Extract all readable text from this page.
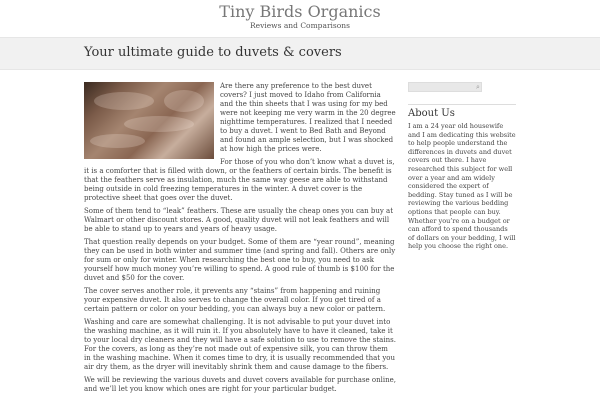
Tiny Birds Organics
Reviews and Comparisons
Your ultimate guide to duvets & covers

Are there any preference to the best duvet covers? I just moved to Idaho from California and the thin sheets that I was using for my bed were not keeping me very warm in the 20 degree nighttime temperatures. I realized that I needed to buy a duvet. I went to Bed Bath and Beyond and found an ample selection, but I was shocked at how high the prices were.

For those of you who don’t know what a duvet is, it is a comforter that is filled with down, or the feathers of certain birds. The benefit is that the feathers serve as insulation, much the same way geese are able to withstand being outside in cold freezing temperatures in the winter. A duvet cover is the protective sheet that goes over the duvet.

Some of them tend to “leak” feathers. These are usually the cheap ones you can buy at Walmart or other discount stores. A good, quality duvet will not leak feathers and will be able to stand up to years and years of heavy usage.

That question really depends on your budget. Some of them are “year round”, meaning they can be used in both winter and summer time (and spring and fall). Others are only for sum or only for winter. When researching the best one to buy, you need to ask yourself how much money you’re willing to spend. A good rule of thumb is $100 for the duvet and $50 for the cover.

The cover serves another role, it prevents any “stains” from happening and ruining your expensive duvet. It also serves to change the overall color. If you get tired of a certain pattern or color on your bedding, you can always buy a new color or pattern.

Washing and care are somewhat challenging. It is not advisable to put your duvet into the washing machine, as it will ruin it. If you absolutely have to have it cleaned, take it to your local dry cleaners and they will have a safe solution to use to remove the stains. For the covers, as long as they’re not made out of expensive silk, you can throw them in the washing machine. When it comes time to dry, it is usually recommended that you air dry them, as the dryer will inevitably shrink them and cause damage to the fibers.

We will be reviewing the various duvets and duvet covers available for purchase online, and we’ll let you know which ones are right for your particular budget.

⌕
About Us

I am a 24 year old housewife and I am dedicating this website to help people understand the differences in duvets and duvet covers out there. I have researched this subject for well over a year and am widely considered the expert of bedding. Stay tuned as I will be reviewing the various bedding options that people can buy. Whether you’re on a budget or can afford to spend thousands of dollars on your bedding, I will help you choose the right one.
